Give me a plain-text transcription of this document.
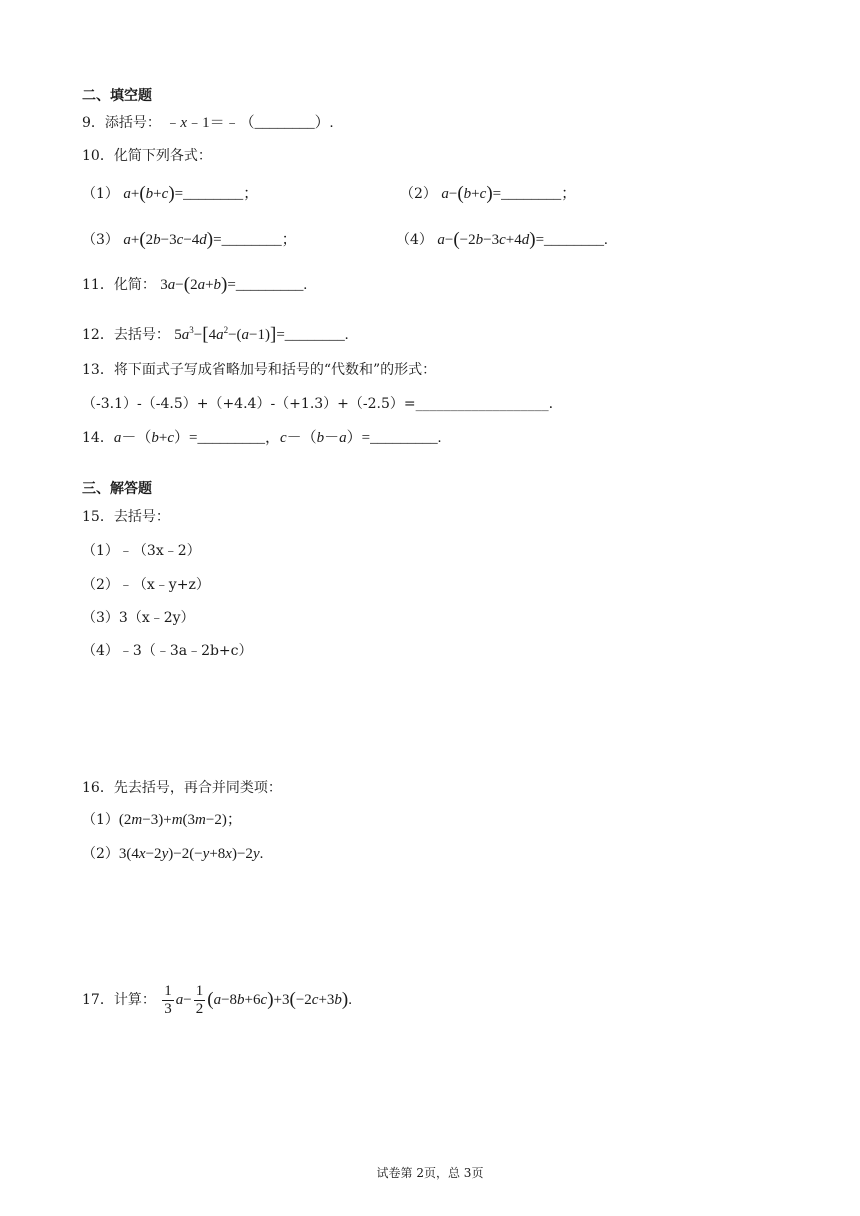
二、填空题
9．添括号： ﹣x﹣1＝﹣（________）.
10．化简下列各式：
（1） a+(b+c)=________；	（2） a−(b+c)=________；
（3） a+(2b−3c−4d)=________；	（4） a−(−2b−3c+4d)=________.
11．化简： 3a−(2a+b)=_________.
12．去括号： $5a^3-[4a^2-(a-1)]=\_\_\_\_\_\_\_\_$.
13．将下面式子写成省略加号和括号的“代数和”的形式：
（-3.1）-（-4.5）+（+4.4）-（+1.3）+（-2.5）=___________________.
14．a－（b+c）=_________，c－（b－a）=_________.
三、解答题
15．去括号：
（1）﹣（3x﹣2）
（2）﹣（x﹣y+z）
（3）3（x﹣2y）
（4）﹣3（﹣3a﹣2b+c）
16．先去括号，再合并同类项：
（1）(2m−3)+m(3m−2)；
（2）3(4x−2y)−2(−y+8x)−2y.
17．计算： $\frac{1}{3} a- \frac{1}{2} (a-8b+6c)+3(-2c+3b)$.
试卷第 2页，总 3页
